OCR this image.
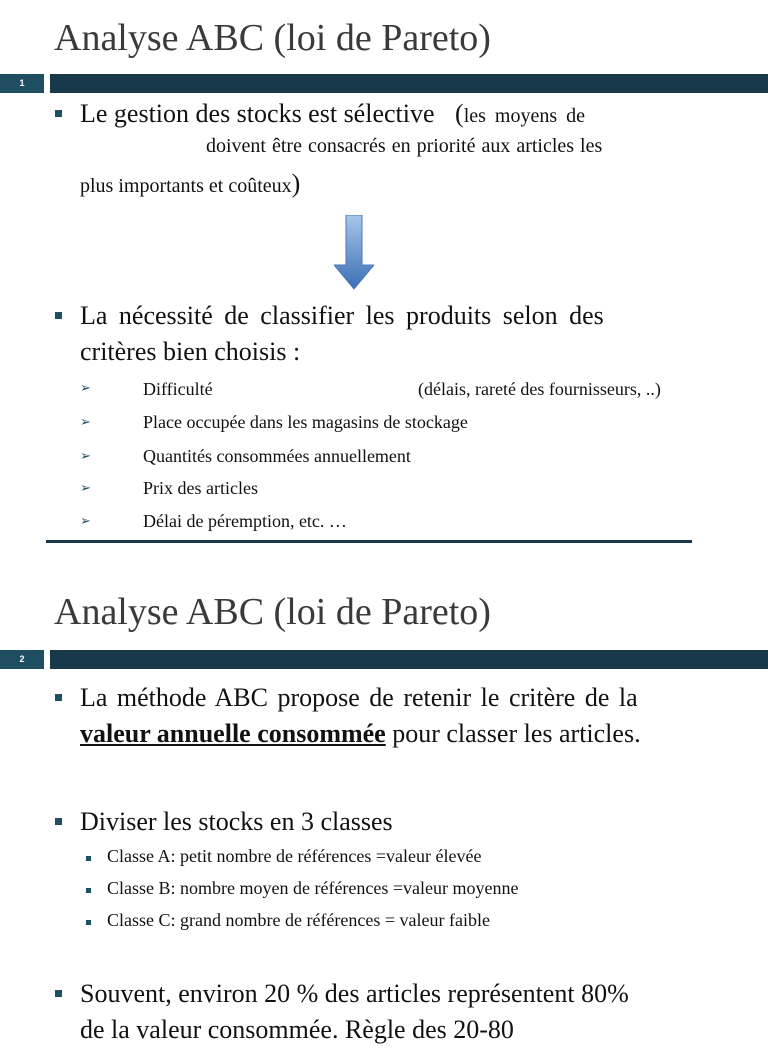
Analyse ABC (loi de Pareto)
1
Le gestion des stocks est sélective (les moyens de
doivent être consacrés en priorité aux articles les
plus importants et coûteux)
La nécessité de classifier les produits selon des
critères bien choisis :
➢	Difficulté	(délais, rareté des fournisseurs, ..)
➢	Place occupée dans les magasins de stockage
➢	Quantités consommées annuellement
➢	Prix des articles
➢	Délai de péremption, etc. …
Analyse ABC (loi de Pareto)
2
La méthode ABC propose de retenir le critère de la
valeur annuelle consommée pour classer les articles.
Diviser les stocks en 3 classes
Classe A: petit nombre de références =valeur élevée
Classe B: nombre moyen de références =valeur moyenne
Classe C: grand nombre de références = valeur faible
Souvent, environ 20 % des articles représentent 80%
de la valeur consommée. Règle des 20-80
